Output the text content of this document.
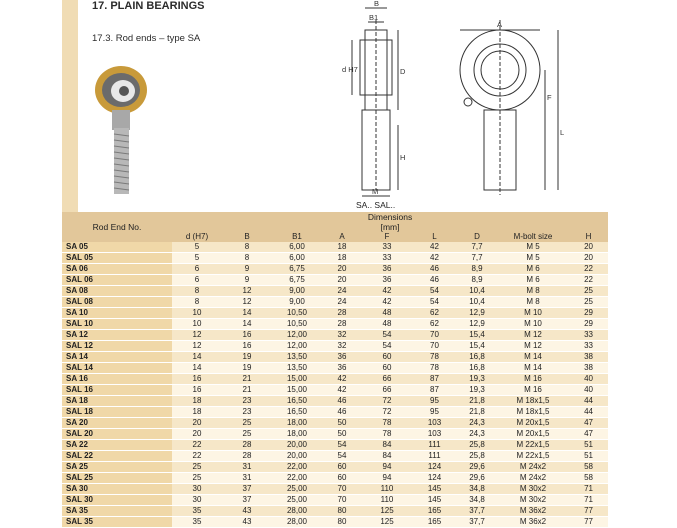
17. PLAIN BEARINGS
17.3. Rod ends – type SA
B
B1
A
d H7	D
F
L
H
M
SA.. SAL..
Rod End No.	Dimensions
[mm]								
	d (H7)	B	B1	A	F	L	D	M-bolt size	H
SA 05	5	8	6,00	18	33	42	7,7	M 5	20
SAL 05	5	8	6,00	18	33	42	7,7	M 5	20
SA 06	6	9	6,75	20	36	46	8,9	M 6	22
SAL 06	6	9	6,75	20	36	46	8,9	M 6	22
SA 08	8	12	9,00	24	42	54	10,4	M 8	25
SAL 08	8	12	9,00	24	42	54	10,4	M 8	25
SA 10	10	14	10,50	28	48	62	12,9	M 10	29
SAL 10	10	14	10,50	28	48	62	12,9	M 10	29
SA 12	12	16	12,00	32	54	70	15,4	M 12	33
SAL 12	12	16	12,00	32	54	70	15,4	M 12	33
SA 14	14	19	13,50	36	60	78	16,8	M 14	38
SAL 14	14	19	13,50	36	60	78	16,8	M 14	38
SA 16	16	21	15,00	42	66	87	19,3	M 16	40
SAL 16	16	21	15,00	42	66	87	19,3	M 16	40
SA 18	18	23	16,50	46	72	95	21,8	M 18x1,5	44
SAL 18	18	23	16,50	46	72	95	21,8	M 18x1,5	44
SA 20	20	25	18,00	50	78	103	24,3	M 20x1,5	47
SAL 20	20	25	18,00	50	78	103	24,3	M 20x1,5	47
SA 22	22	28	20,00	54	84	111	25,8	M 22x1,5	51
SAL 22	22	28	20,00	54	84	111	25,8	M 22x1,5	51
SA 25	25	31	22,00	60	94	124	29,6	M 24x2	58
SAL 25	25	31	22,00	60	94	124	29,6	M 24x2	58
SA 30	30	37	25,00	70	110	145	34,8	M 30x2	71
SAL 30	30	37	25,00	70	110	145	34,8	M 30x2	71
SA 35	35	43	28,00	80	125	165	37,7	M 36x2	77
SAL 35	35	43	28,00	80	125	165	37,7	M 36x2	77
